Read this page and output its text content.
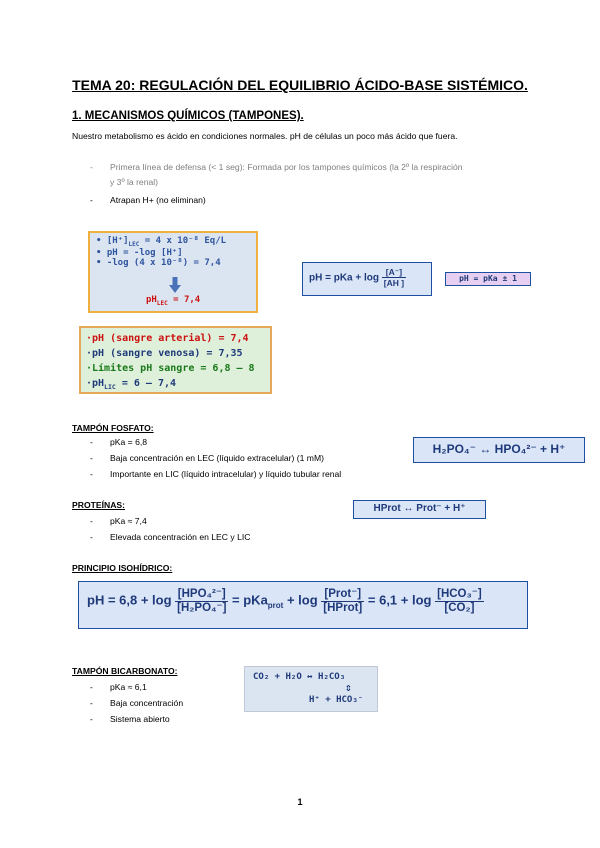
TEMA 20: REGULACIÓN DEL EQUILIBRIO ÁCIDO-BASE SISTÉMICO.
1. MECANISMOS QUÍMICOS (TAMPONES).
Nuestro metabolismo es ácido en condiciones normales. pH de células un poco más ácido que fuera.
- Primera línea de defensa (< 1 seg): Formada por los tampones químicos (la 2º la respiración
y 3º la renal)
- Atrapan H+ (no eliminan)
• $[H^+]_{LEC} = 4$ x 10⁻⁸ Eq/L
• pH = -log [H⁺]
• -log (4 x 10⁻⁸) = 7,4
$pH_{LEC} = 7,4$
pH = pKa + $\log \frac{[A^-]}{[AH ]}$	pH = pKa ± 1
·pH (sangre arterial) = 7,4
·pH (sangre venosa) = 7,35
·Límites pH sangre = 6,8 – 8
$\cdot pH_{LIC} = 6 - 7,4$
TAMPÓN FOSFATO:
- pKa = 6,8
- Baja concentración en LEC (líquido extracelular) (1 mM)
- Importante en LIC (líquido intracelular) y líquido tubular renal
H₂PO₄⁻ ↔ HPO₄²⁻ + H⁺
PROTEÍNAS:
- pKa ≈ 7,4
- Elevada concentración en LEC y LIC
HProt ↔ Prot⁻ + H⁺
PRINCIPIO ISOHÍDRICO:
pH = $6,8 + \log \frac{\text{[HPO₄²⁻]}}{\text{[H₂PO₄⁻]}} = pKa_{prot} + \log \frac{\text{[Prot⁻]}}{\text{[HProt]}} = 6,1 + \log \frac{\text{[HCO₃⁻]}}{\text{[CO₂]}}$
TAMPÓN BICARBONATO:
- pKa ≈ 6,1
- Baja concentración
- Sistema abierto
CO₂ + H₂O ↔ H₂CO₃
⇕
H⁺ + HCO₃⁻
1
